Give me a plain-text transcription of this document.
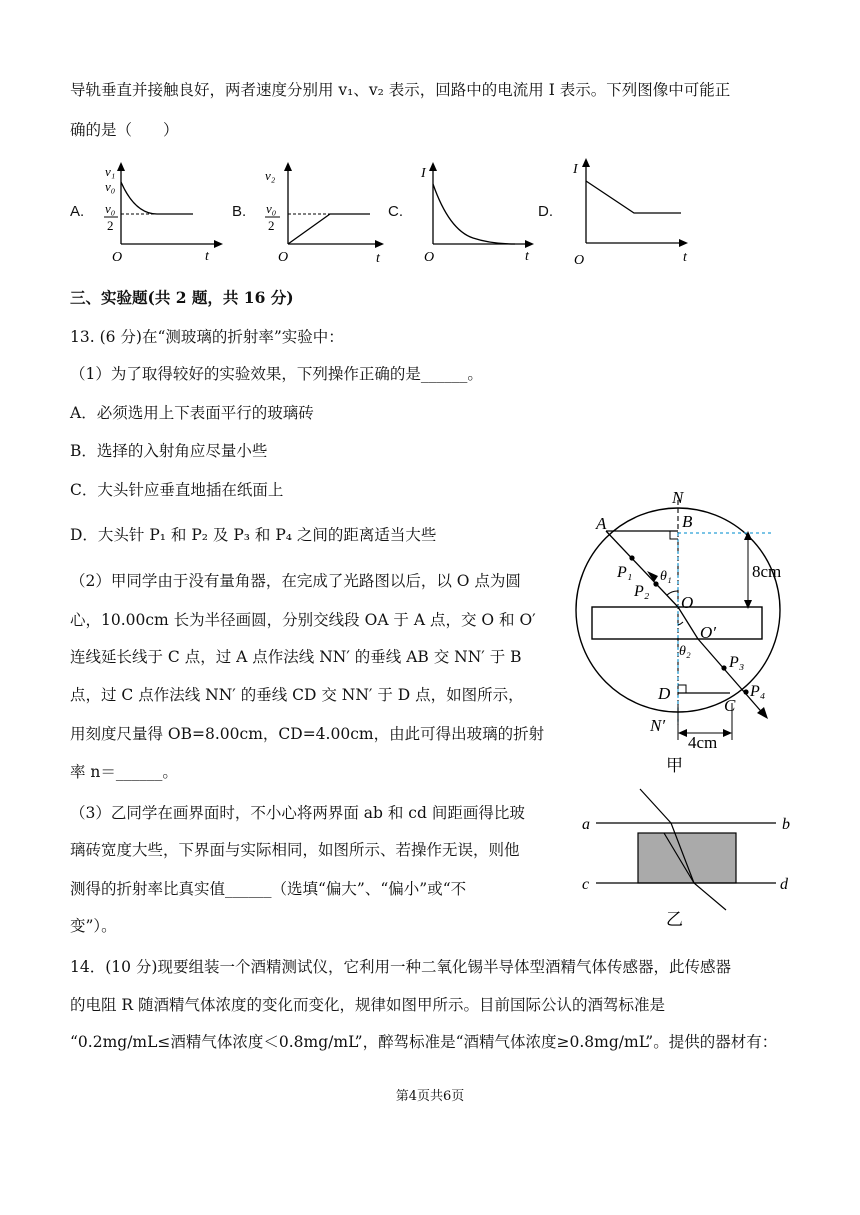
导轨垂直并接触良好，两者速度分别用 v₁、v₂ 表示，回路中的电流用 I 表示。下列图像中可能正
确的是（　　）
A.	B.	C.	D.
v₁
v₀
v₀
2
t
O
v₂
v₀
2
t
O
I
t
O
I
t
O
三、实验题(共 2 题，共 16 分)
13. (6 分)在“测玻璃的折射率”实验中：
（1）为了取得较好的实验效果，下列操作正确的是______。
A．必须选用上下表面平行的玻璃砖
B．选择的入射角应尽量小些
C．大头针应垂直地插在纸面上
D．大头针 P₁ 和 P₂ 及 P₃ 和 P₄ 之间的距离适当大些
（2）甲同学由于没有量角器，在完成了光路图以后，以 O 点为圆
心，10.00cm 长为半径画圆，分别交线段 OA 于 A 点，交 O 和 O′
连线延长线于 C 点，过 A 点作法线 NN′ 的垂线 AB 交 NN′ 于 B
点，过 C 点作法线 NN′ 的垂线 CD 交 NN′ 于 D 点，如图所示，
用刻度尺量得 OB=8.00cm，CD=4.00cm，由此可得出玻璃的折射
率 n＝______。
（3）乙同学在画界面时，不小心将两界面 ab 和 cd 间距画得比玻
璃砖宽度大些，下界面与实际相同，如图所示、若操作无误，则他
测得的折射率比真实值______（选填“偏大”、“偏小”或“不
变”）。
N
A	B
P₁ θ₁
P₂
O
O′
θ₂
P₃
P₄
D
C
N′
8cm
4cm
甲
a	b
c	d
乙
14．(10 分)现要组装一个酒精测试仪，它利用一种二氧化锡半导体型酒精气体传感器，此传感器
的电阻 R 随酒精气体浓度的变化而变化，规律如图甲所示。目前国际公认的酒驾标准是
“0.2mg/mL≤酒精气体浓度＜0.8mg/mL”，醉驾标准是“酒精气体浓度≥0.8mg/mL”。提供的器材有：
第4页共6页
